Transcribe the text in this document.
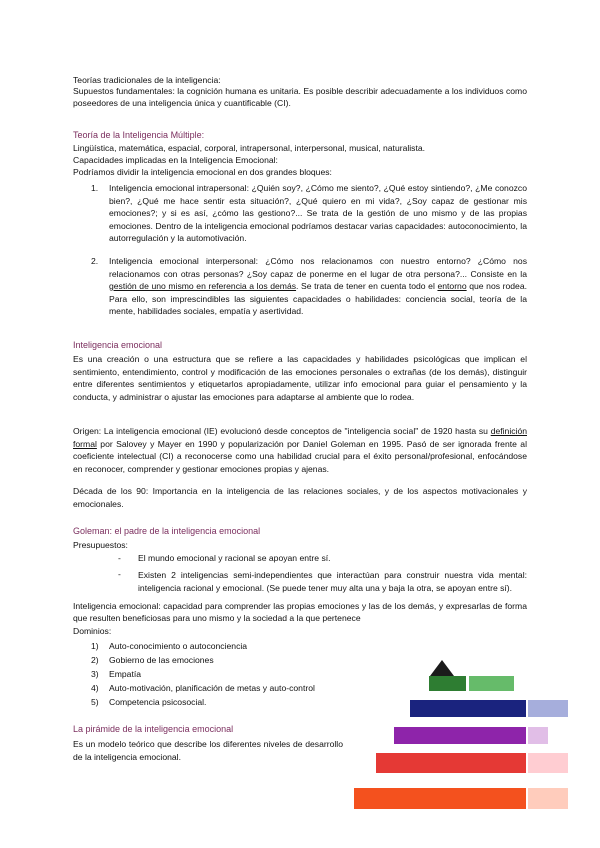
Teorías tradicionales de la inteligencia:
Supuestos fundamentales: la cognición humana es unitaria. Es posible describir adecuadamente a los individuos como poseedores de una inteligencia única y cuantificable (CI).
Teoría de la Inteligencia Múltiple:
Lingüística, matemática, espacial, corporal, intrapersonal, interpersonal, musical, naturalista.
Capacidades implicadas en la Inteligencia Emocional:
Podríamos dividir la inteligencia emocional en dos grandes bloques:
1. Inteligencia emocional intrapersonal: ¿Quién soy?, ¿Cómo me siento?, ¿Qué estoy sintiendo?, ¿Me conozco bien?, ¿Qué me hace sentir esta situación?, ¿Qué quiero en mi vida?, ¿Soy capaz de gestionar mis emociones?; y si es así, ¿cómo las gestiono?... Se trata de la gestión de uno mismo y de las propias emociones. Dentro de la inteligencia emocional podríamos destacar varias capacidades: autoconocimiento, la autorregulación y la automotivación.
2. Inteligencia emocional interpersonal: ¿Cómo nos relacionamos con nuestro entorno? ¿Cómo nos relacionamos con otras personas? ¿Soy capaz de ponerme en el lugar de otra persona?... Consiste en la gestión de uno mismo en referencia a los demás. Se trata de tener en cuenta todo el entorno que nos rodea. Para ello, son imprescindibles las siguientes capacidades o habilidades: conciencia social, teoría de la mente, habilidades sociales, empatía y asertividad.
Inteligencia emocional
Es una creación o una estructura que se refiere a las capacidades y habilidades psicológicas que implican el sentimiento, entendimiento, control y modificación de las emociones personales o extrañas (de los demás), distinguir entre diferentes sentimientos y etiquetarlos apropiadamente, utilizar info emocional para guiar el pensamiento y la conducta, y administrar o ajustar las emociones para adaptarse al ambiente que lo rodea.
Origen: La inteligencia emocional (IE) evolucionó desde conceptos de "inteligencia social" de 1920 hasta su definición formal por Salovey y Mayer en 1990 y popularización por Daniel Goleman en 1995. Pasó de ser ignorada frente al coeficiente intelectual (CI) a reconocerse como una habilidad crucial para el éxito personal/profesional, enfocándose en reconocer, comprender y gestionar emociones propias y ajenas.
Década de los 90: Importancia en la inteligencia de las relaciones sociales, y de los aspectos motivacionales y emocionales.
Goleman: el padre de la inteligencia emocional
Presupuestos:
- El mundo emocional y racional se apoyan entre sí.
- Existen 2 inteligencias semi-independientes que interactúan para construir nuestra vida mental: inteligencia racional y emocional. (Se puede tener muy alta una y baja la otra, se apoyan entre sí).
Inteligencia emocional: capacidad para comprender las propias emociones y las de los demás, y expresarlas de forma que resulten beneficiosas para uno mismo y la sociedad a la que pertenece
Dominios:
1) Auto-conocimiento o autoconciencia
2) Gobierno de las emociones
3) Empatía
4) Auto-motivación, planificación de metas y auto-control
5) Competencia psicosocial.
La pirámide de la inteligencia emocional
Es un modelo teórico que describe los diferentes niveles de desarrollo de la inteligencia emocional.
